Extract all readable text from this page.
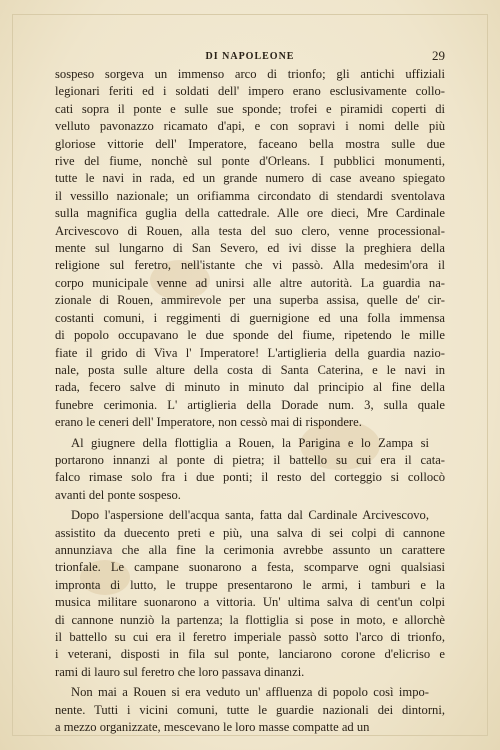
DI NAPOLEONE	29
sospeso sorgeva un immenso arco di trionfo; gli antichi uffiziali
legionari feriti ed i soldati dell' impero erano esclusivamente collo-
cati sopra il ponte e sulle sue sponde; trofei e piramidi coperti di
velluto pavonazzo ricamato d'api, e con sopravi i nomi delle più
gloriose vittorie dell' Imperatore, faceano bella mostra sulle due
rive del fiume, nonchè sul ponte d'Orleans. I pubblici monumenti,
tutte le navi in rada, ed un grande numero di case aveano spiegato
il vessillo nazionale; un orifiamma circondato di stendardi sventolava
sulla magnifica guglia della cattedrale. Alle ore dieci, Mre Cardinale
Arcivescovo di Rouen, alla testa del suo clero, venne processional-
mente sul lungarno di San Severo, ed ivi disse la preghiera della
religione sul feretro, nell'istante che vi passò. Alla medesim'ora il
corpo municipale venne ad unirsi alle altre autorità. La guardia na-
zionale di Rouen, ammirevole per una superba assisa, quelle de' cir-
costanti comuni, i reggimenti di guernigione ed una folla immensa
di popolo occupavano le due sponde del fiume, ripetendo le mille
fiate il grido di Viva l' Imperatore! L'artiglieria della guardia nazio-
nale, posta sulle alture della costa di Santa Caterina, e le navi in
rada, fecero salve di minuto in minuto dal principio al fine della
funebre cerimonia. L' artiglieria della Dorade num. 3, sulla quale
erano le ceneri dell' Imperatore, non cessò mai di rispondere.
Al giugnere della flottiglia a Rouen, la Parigina e lo Zampa si
portarono innanzi al ponte di pietra; il battello su cui era il cata-
falco rimase solo fra i due ponti; il resto del corteggio si collocò
avanti del ponte sospeso.
Dopo l'aspersione dell'acqua santa, fatta dal Cardinale Arcivescovo,
assistito da duecento preti e più, una salva di sei colpi di cannone
annunziava che alla fine la cerimonia avrebbe assunto un carattere
trionfale. Le campane suonarono a festa, scomparve ogni qualsiasi
impronta di lutto, le truppe presentarono le armi, i tamburi e la
musica militare suonarono a vittoria. Un' ultima salva di cent'un colpi
di cannone nunziò la partenza; la flottiglia si pose in moto, e allorchè
il battello su cui era il feretro imperiale passò sotto l'arco di trionfo,
i veterani, disposti in fila sul ponte, lanciarono corone d'elicriso e
rami di lauro sul feretro che loro passava dinanzi.
Non mai a Rouen si era veduto un' affluenza di popolo così impo-
nente. Tutti i vicini comuni, tutte le guardie nazionali dei dintorni,
a mezzo organizzate, mescevano le loro masse compatte ad un
